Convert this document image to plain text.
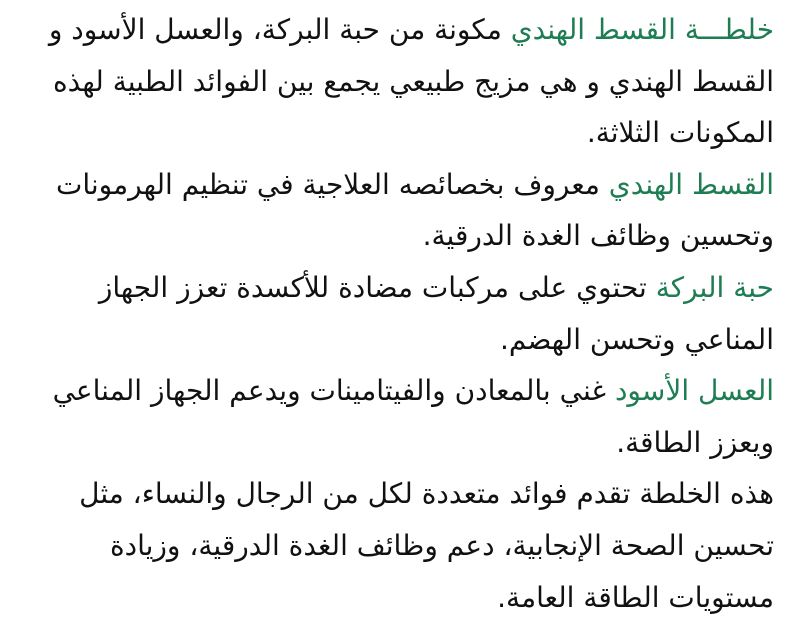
خلطـــة القسط الهندي مكونة من حبة البركة، والعسل الأسود و القسط الهندي و هي مزيج طبيعي يجمع بين الفوائد الطبية لهذه المكونات الثلاثة.

القسط الهندي معروف بخصائصه العلاجية في تنظيم الهرمونات وتحسين وظائف الغدة الدرقية.

حبة البركة تحتوي على مركبات مضادة للأكسدة تعزز الجهاز المناعي وتحسن الهضم.

العسل الأسود غني بالمعادن والفيتامينات ويدعم الجهاز المناعي ويعزز الطاقة.

هذه الخلطة تقدم فوائد متعددة لكل من الرجال والنساء، مثل تحسين الصحة الإنجابية، دعم وظائف الغدة الدرقية، وزيادة مستويات الطاقة العامة.
